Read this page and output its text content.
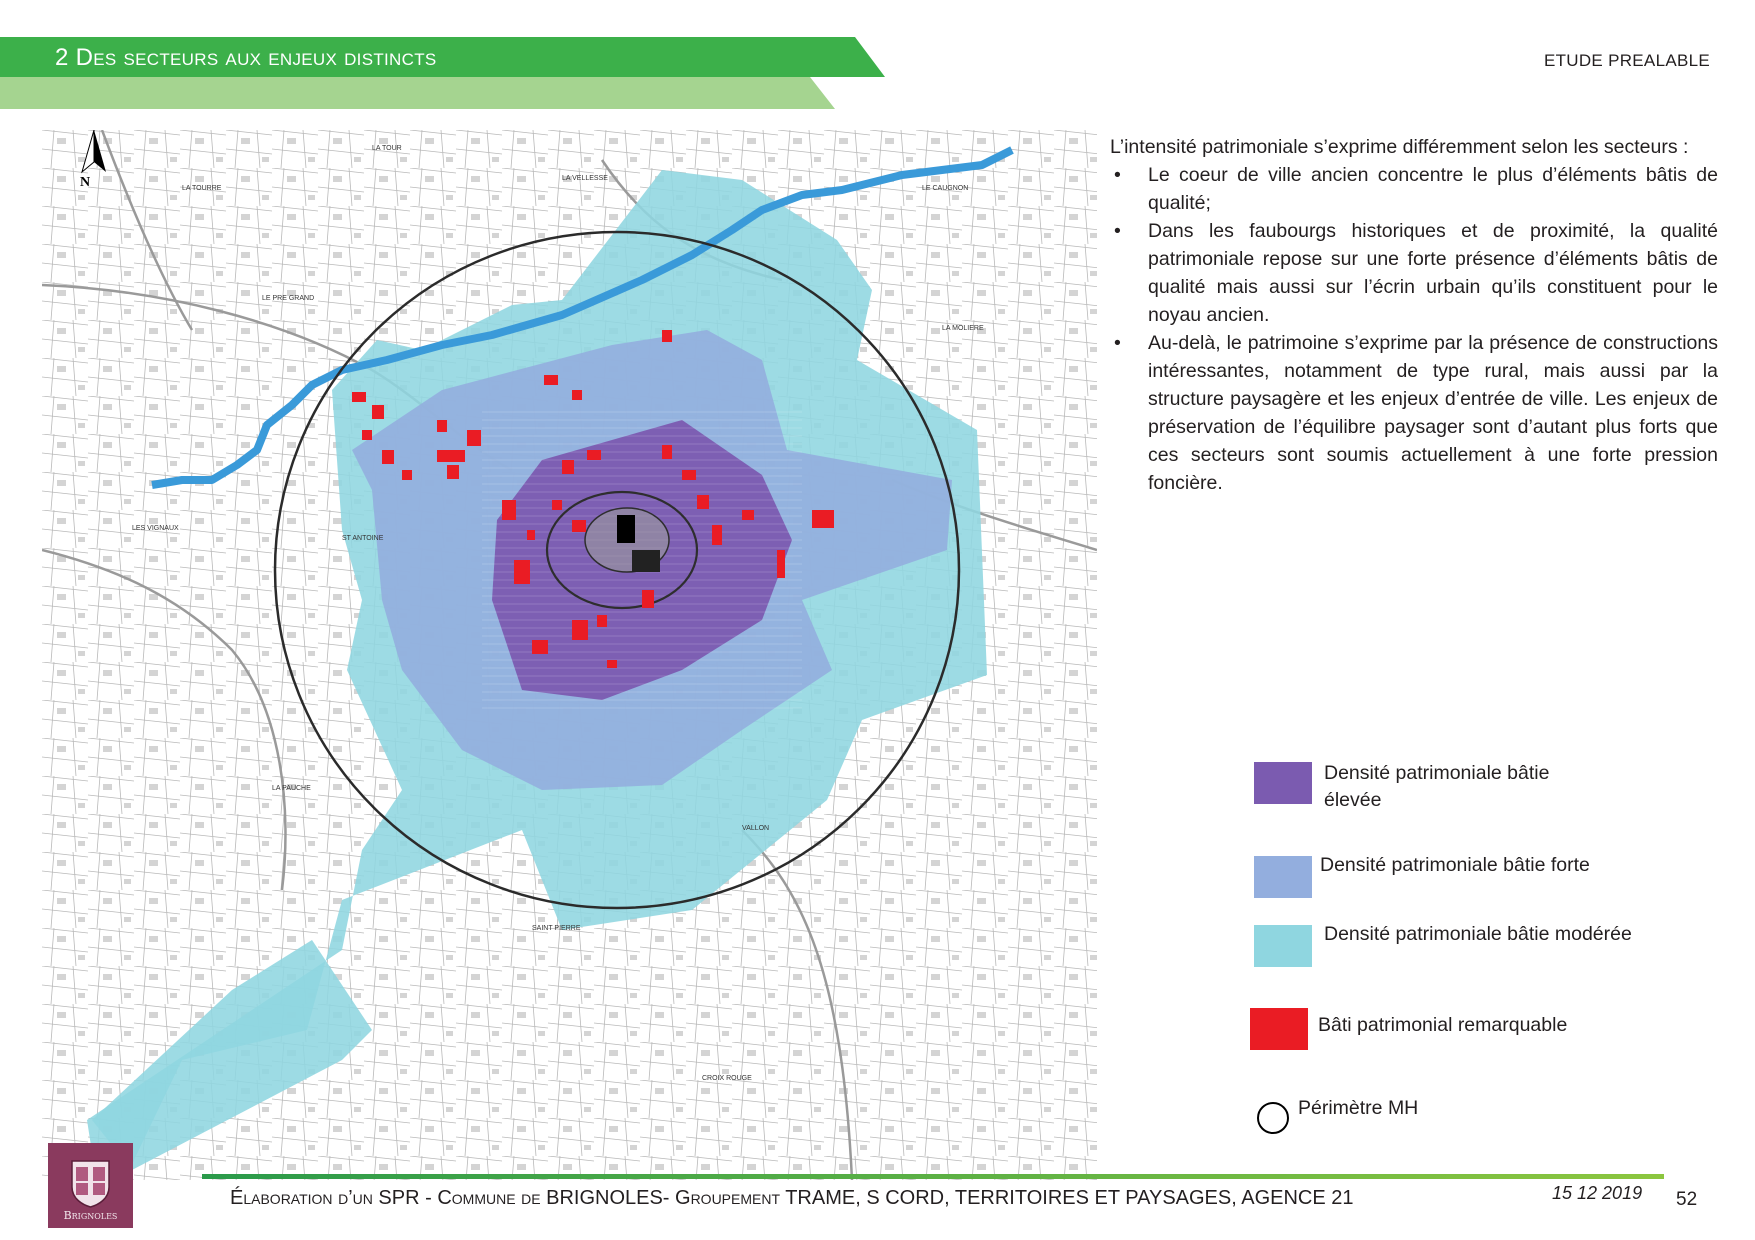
2 Des secteurs aux enjeux distincts	ETUDE PREALABLE
LA TOUR
LA VELLESSE
LE PRE GRAND
LA MOLIERE
LA TOURRE	LE CAUGNON
ST ANTOINE
LES VIGNAUX
LA PAUCHE
VALLON
SAINT PIERRE
CROIX ROUGE
N

L’intensité patrimoniale s’exprime différemment selon les secteurs :

• Le coeur de ville ancien concentre le plus d’éléments bâtis de qualité;
• Dans les faubourgs historiques et de proximité, la qualité patrimoniale repose sur une forte présence d’éléments bâtis de qualité mais aussi sur l’écrin urbain qu’ils constituent pour le noyau ancien.
• Au-delà, le patrimoine s’exprime par la présence de constructions intéressantes, notamment de type rural, mais aussi par la structure paysagère et les enjeux d’entrée de ville. Les enjeux de préservation de l’équilibre paysager sont d’autant plus forts que ces secteurs sont soumis actuellement à une forte pression foncière.
Densité patrimoniale bâtie élevée
Densité patrimoniale bâtie forte
Densité patrimoniale bâtie modérée
Bâti patrimonial remarquable
Périmètre MH
Brignoles
Élaboration d’un SPR - Commune de BRIGNOLES- Groupement TRAME, S CORD, TERRITOIRES ET PAYSAGES, AGENCE 21	15 12 2019 52
